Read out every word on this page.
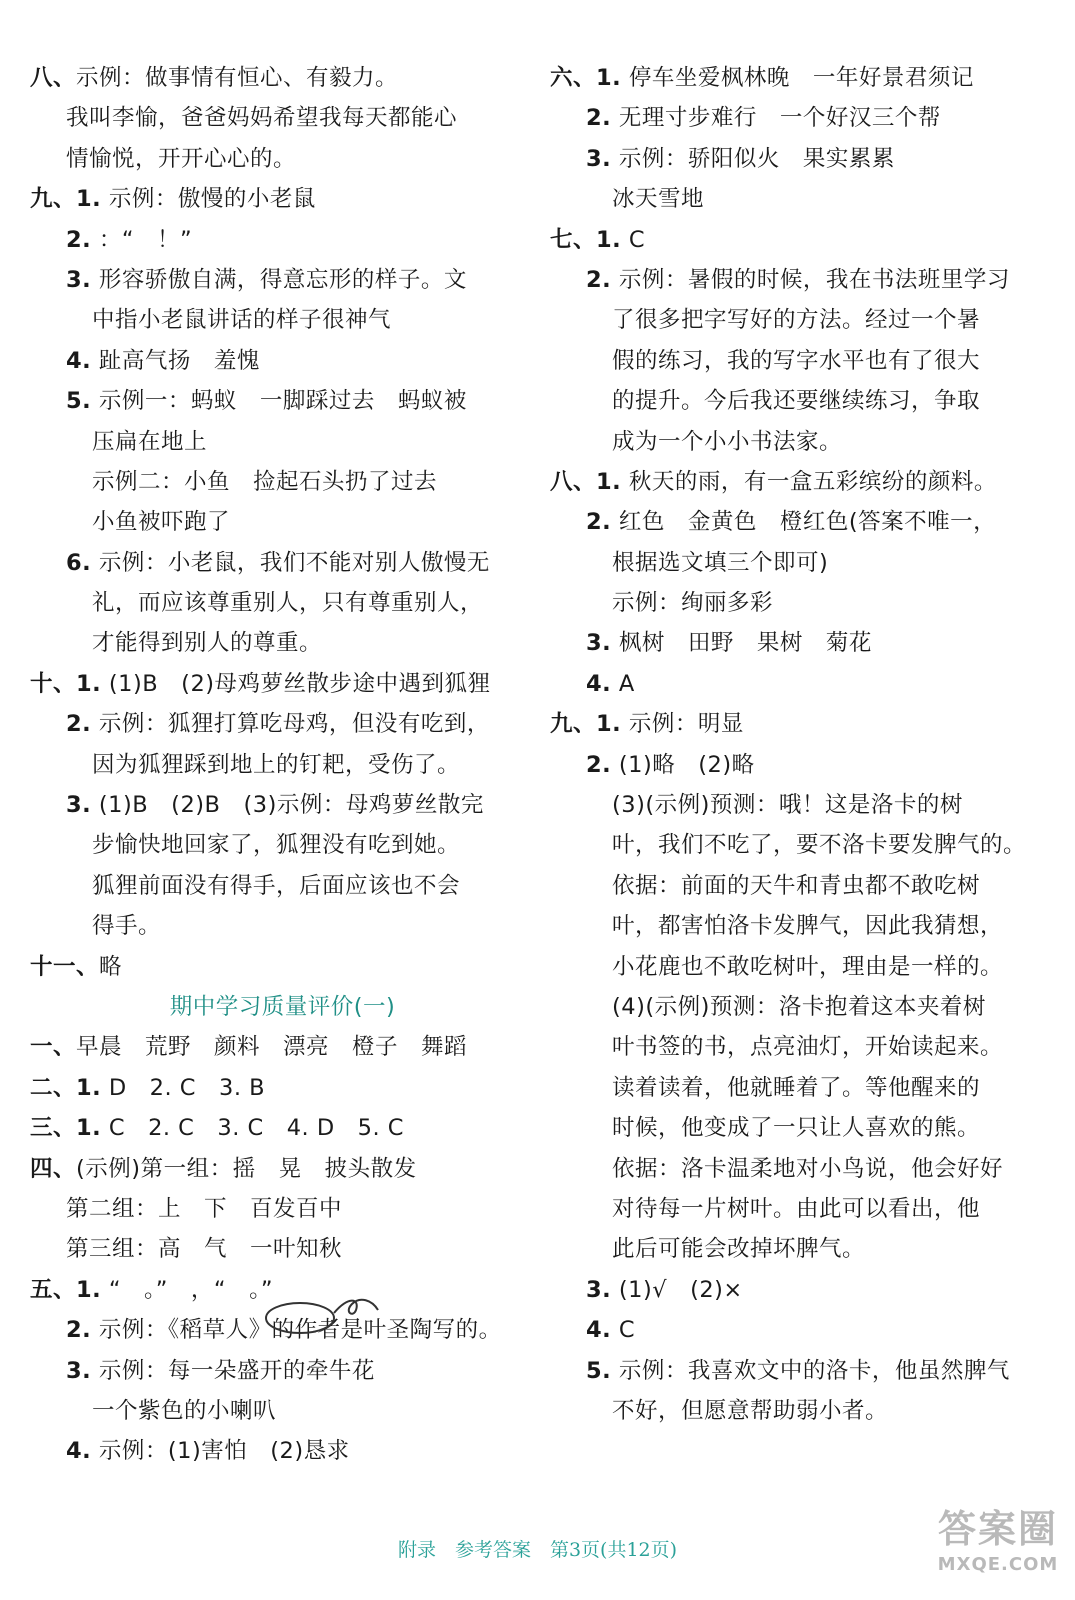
八、示例：做事情有恒心、有毅力。
我叫李愉，爸爸妈妈希望我每天都能心
情愉悦，开开心心的。
九、1. 示例：傲慢的小老鼠
2. ：“　！”
3. 形容骄傲自满，得意忘形的样子。文
中指小老鼠讲话的样子很神气
4. 趾高气扬　羞愧
5. 示例一：蚂蚁　一脚踩过去　蚂蚁被
压扁在地上
示例二：小鱼　捡起石头扔了过去
小鱼被吓跑了
6. 示例：小老鼠，我们不能对别人傲慢无
礼，而应该尊重别人，只有尊重别人，
才能得到别人的尊重。
十、1. (1)B　(2)母鸡萝丝散步途中遇到狐狸
2. 示例：狐狸打算吃母鸡，但没有吃到，
因为狐狸踩到地上的钉耙，受伤了。
3. (1)B　(2)B　(3)示例：母鸡萝丝散完
步愉快地回家了，狐狸没有吃到她。
狐狸前面没有得手，后面应该也不会
得手。
十一、略
期中学习质量评价(一)
一、早晨　荒野　颜料　漂亮　橙子　舞蹈
二、1. D　2. C　3. B
三、1. C　2. C　3. C　4. D　5. C
四、(示例)第一组：摇　晃　披头散发
第二组：上　下　百发百中
第三组：高　气　一叶知秋
五、1. “　。”　，“　。”
2. 示例：《稻草人》的作者是叶圣陶写的。
3. 示例：每一朵盛开的牵牛花
一个紫色的小喇叭
4. 示例：(1)害怕　(2)恳求
六、1. 停车坐爱枫林晚　一年好景君须记
2. 无理寸步难行　一个好汉三个帮
3. 示例：骄阳似火　果实累累
冰天雪地
七、1. C
2. 示例：暑假的时候，我在书法班里学习
了很多把字写好的方法。经过一个暑
假的练习，我的写字水平也有了很大
的提升。今后我还要继续练习，争取
成为一个小小书法家。
八、1. 秋天的雨，有一盒五彩缤纷的颜料。
2. 红色　金黄色　橙红色(答案不唯一，
根据选文填三个即可)
示例：绚丽多彩
3. 枫树　田野　果树　菊花
4. A
九、1. 示例：明显
2. (1)略　(2)略
(3)(示例)预测：哦！这是洛卡的树
叶，我们不吃了，要不洛卡要发脾气的。
依据：前面的天牛和青虫都不敢吃树
叶，都害怕洛卡发脾气，因此我猜想，
小花鹿也不敢吃树叶，理由是一样的。
(4)(示例)预测：洛卡抱着这本夹着树
叶书签的书，点亮油灯，开始读起来。
读着读着，他就睡着了。等他醒来的
时候，他变成了一只让人喜欢的熊。
依据：洛卡温柔地对小鸟说，他会好好
对待每一片树叶。由此可以看出，他
此后可能会改掉坏脾气。
3. (1)√　(2)×
4. C
5. 示例：我喜欢文中的洛卡，他虽然脾气
不好，但愿意帮助弱小者。
附录　参考答案　第3页(共12页)	答案圈
MXQE.COM
